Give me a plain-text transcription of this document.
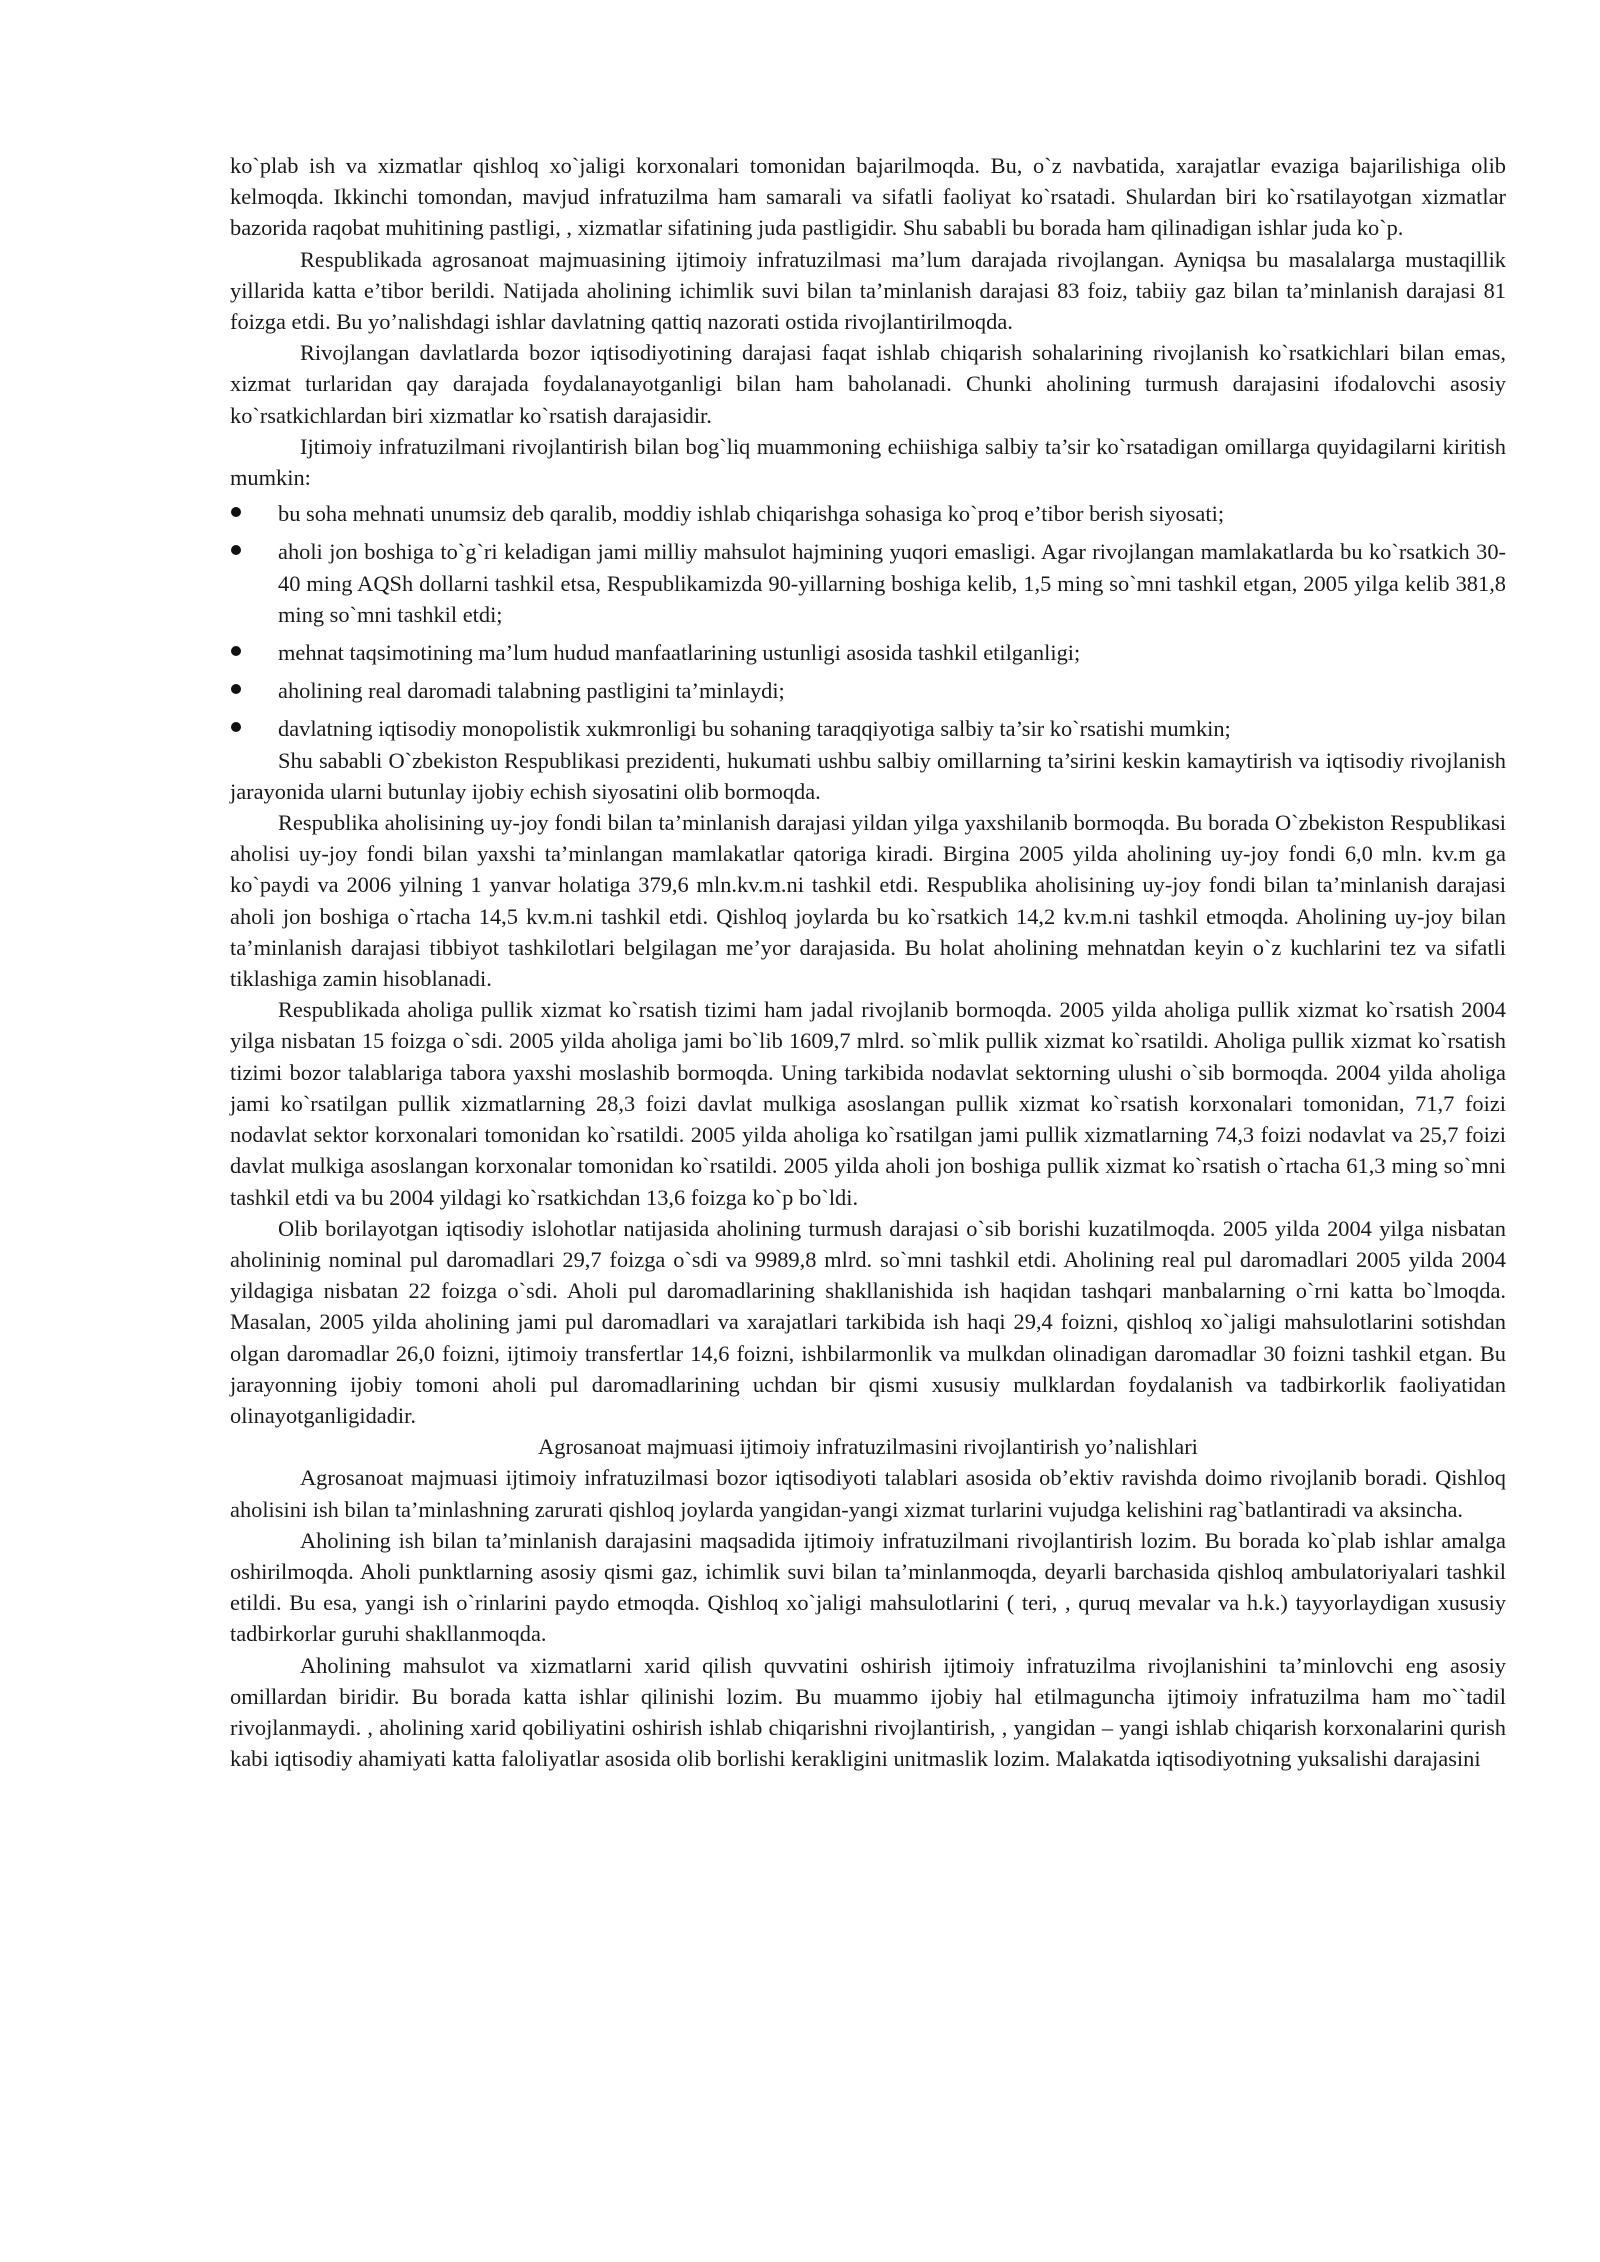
ko`plab ish va xizmatlar qishloq xo`jaligi korxonalari tomonidan bajarilmoqda. Bu, o`z navbatida, xarajatlar evaziga bajarilishiga olib kelmoqda. Ikkinchi tomondan, mavjud infratuzilma ham samarali va sifatli faoliyat ko`rsatadi. Shulardan biri ko`rsatilayotgan xizmatlar bazorida raqobat muhitining pastligi, , xizmatlar sifatining juda pastligidir. Shu sababli bu borada ham qilinadigan ishlar juda ko`p.

Respublikada agrosanoat majmuasining ijtimoiy infratuzilmasi ma’lum darajada rivojlangan. Ayniqsa bu masalalarga mustaqillik yillarida katta e’tibor berildi. Natijada aholining ichimlik suvi bilan ta’minlanish darajasi 83 foiz, tabiiy gaz bilan ta’minlanish darajasi 81 foizga etdi. Bu yo’nalishdagi ishlar davlatning qattiq nazorati ostida rivojlantirilmoqda.

Rivojlangan davlatlarda bozor iqtisodiyotining darajasi faqat ishlab chiqarish sohalarining rivojlanish ko`rsatkichlari bilan emas, xizmat turlaridan qay darajada foydalanayotganligi bilan ham baholanadi. Chunki aholining turmush darajasini ifodalovchi asosiy ko`rsatkichlardan biri xizmatlar ko`rsatish darajasidir.

Ijtimoiy infratuzilmani rivojlantirish bilan bog`liq muammoning echiishiga salbiy ta’sir ko`rsatadigan omillarga quyidagilarni kiritish mumkin:

bu soha mehnati unumsiz deb qaralib, moddiy ishlab chiqarishga sohasiga ko`proq e’tibor berish siyosati;
aholi jon boshiga to`g`ri keladigan jami milliy mahsulot hajmining yuqori emasligi. Agar rivojlangan mamlakatlarda bu ko`rsatkich 30-40 ming AQSh dollarni tashkil etsa, Respublikamizda 90-yillarning boshiga kelib, 1,5 ming so`mni tashkil etgan, 2005 yilga kelib 381,8 ming so`mni tashkil etdi;
mehnat taqsimotining ma’lum hudud manfaatlarining ustunligi asosida tashkil etilganligi;
aholining real daromadi talabning pastligini ta’minlaydi;
davlatning iqtisodiy monopolistik xukmronligi bu sohaning taraqqiyotiga salbiy ta’sir ko`rsatishi mumkin;

Shu sababli O`zbekiston Respublikasi prezidenti, hukumati ushbu salbiy omillarning ta’sirini keskin kamaytirish va iqtisodiy rivojlanish jarayonida ularni butunlay ijobiy echish siyosatini olib bormoqda.

Respublika aholisining uy-joy fondi bilan ta’minlanish darajasi yildan yilga yaxshilanib bormoqda. Bu borada O`zbekiston Respublikasi aholisi uy-joy fondi bilan yaxshi ta’minlangan mamlakatlar qatoriga kiradi. Birgina 2005 yilda aholining uy-joy fondi 6,0 mln. kv.m ga ko`paydi va 2006 yilning 1 yanvar holatiga 379,6 mln.kv.m.ni tashkil etdi. Respublika aholisining uy-joy fondi bilan ta’minlanish darajasi aholi jon boshiga o`rtacha 14,5 kv.m.ni tashkil etdi. Qishloq joylarda bu ko`rsatkich 14,2 kv.m.ni tashkil etmoqda. Aholining uy-joy bilan ta’minlanish darajasi tibbiyot tashkilotlari belgilagan me’yor darajasida. Bu holat aholining mehnatdan keyin o`z kuchlarini tez va sifatli tiklashiga zamin hisoblanadi.

Respublikada aholiga pullik xizmat ko`rsatish tizimi ham jadal rivojlanib bormoqda. 2005 yilda aholiga pullik xizmat ko`rsatish 2004 yilga nisbatan 15 foizga o`sdi. 2005 yilda aholiga jami bo`lib 1609,7 mlrd. so`mlik pullik xizmat ko`rsatildi. Aholiga pullik xizmat ko`rsatish tizimi bozor talablariga tabora yaxshi moslashib bormoqda. Uning tarkibida nodavlat sektorning ulushi o`sib bormoqda. 2004 yilda aholiga jami ko`rsatilgan pullik xizmatlarning 28,3 foizi davlat mulkiga asoslangan pullik xizmat ko`rsatish korxonalari tomonidan, 71,7 foizi nodavlat sektor korxonalari tomonidan ko`rsatildi. 2005 yilda aholiga ko`rsatilgan jami pullik xizmatlarning 74,3 foizi nodavlat va 25,7 foizi davlat mulkiga asoslangan korxonalar tomonidan ko`rsatildi. 2005 yilda aholi jon boshiga pullik xizmat ko`rsatish o`rtacha 61,3 ming so`mni tashkil etdi va bu 2004 yildagi ko`rsatkichdan 13,6 foizga ko`p bo`ldi.

Olib borilayotgan iqtisodiy islohotlar natijasida aholining turmush darajasi o`sib borishi kuzatilmoqda. 2005 yilda 2004 yilga nisbatan aholininig nominal pul daromadlari 29,7 foizga o`sdi va 9989,8 mlrd. so`mni tashkil etdi. Aholining real pul daromadlari 2005 yilda 2004 yildagiga nisbatan 22 foizga o`sdi. Aholi pul daromadlarining shakllanishida ish haqidan tashqari manbalarning o`rni katta bo`lmoqda. Masalan, 2005 yilda aholining jami pul daromadlari va xarajatlari tarkibida ish haqi 29,4 foizni, qishloq xo`jaligi mahsulotlarini sotishdan olgan daromadlar 26,0 foizni, ijtimoiy transfertlar 14,6 foizni, ishbilarmonlik va mulkdan olinadigan daromadlar 30 foizni tashkil etgan. Bu jarayonning ijobiy tomoni aholi pul daromadlarining uchdan bir qismi xususiy mulklardan foydalanish va tadbirkorlik faoliyatidan olinayotganligidadir.

Agrosanoat majmuasi ijtimoiy infratuzilmasini rivojlantirish yo’nalishlari

Agrosanoat majmuasi ijtimoiy infratuzilmasi bozor iqtisodiyoti talablari asosida ob’ektiv ravishda doimo rivojlanib boradi. Qishloq aholisini ish bilan ta’minlashning zarurati qishloq joylarda yangidan-yangi xizmat turlarini vujudga kelishini rag`batlantiradi va aksincha.

Aholining ish bilan ta’minlanish darajasini maqsadida ijtimoiy infratuzilmani rivojlantirish lozim. Bu borada ko`plab ishlar amalga oshirilmoqda. Aholi punktlarning asosiy qismi gaz, ichimlik suvi bilan ta’minlanmoqda, deyarli barchasida qishloq ambulatoriyalari tashkil etildi. Bu esa, yangi ish o`rinlarini paydo etmoqda. Qishloq xo`jaligi mahsulotlarini ( teri, , quruq mevalar va h.k.) tayyorlaydigan xususiy tadbirkorlar guruhi shakllanmoqda.

Aholining mahsulot va xizmatlarni xarid qilish quvvatini oshirish ijtimoiy infratuzilma rivojlanishini ta’minlovchi eng asosiy omillardan biridir. Bu borada katta ishlar qilinishi lozim. Bu muammo ijobiy hal etilmaguncha ijtimoiy infratuzilma ham mo``tadil rivojlanmaydi. , aholining xarid qobiliyatini oshirish ishlab chiqarishni rivojlantirish, , yangidan – yangi ishlab chiqarish korxonalarini qurish kabi iqtisodiy ahamiyati katta faloliyatlar asosida olib borlishi kerakligini unitmaslik lozim. Malakatda iqtisodiyotning yuksalishi darajasini
